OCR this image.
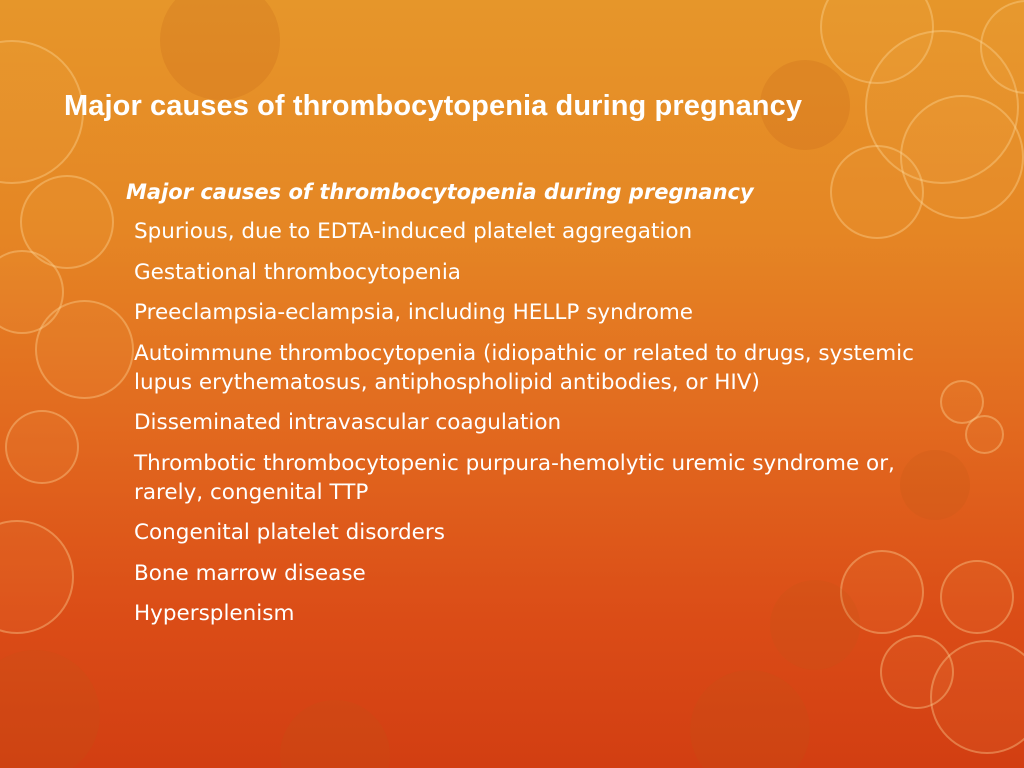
Major causes of thrombocytopenia during pregnancy
Major causes of thrombocytopenia during pregnancy
Spurious, due to EDTA-induced platelet aggregation
Gestational thrombocytopenia
Preeclampsia-eclampsia, including HELLP syndrome
Autoimmune thrombocytopenia (idiopathic or related to drugs, systemic lupus erythematosus, antiphospholipid antibodies, or HIV)
Disseminated intravascular coagulation
Thrombotic thrombocytopenic purpura-hemolytic uremic syndrome or, rarely, congenital TTP
Congenital platelet disorders
Bone marrow disease
Hypersplenism
